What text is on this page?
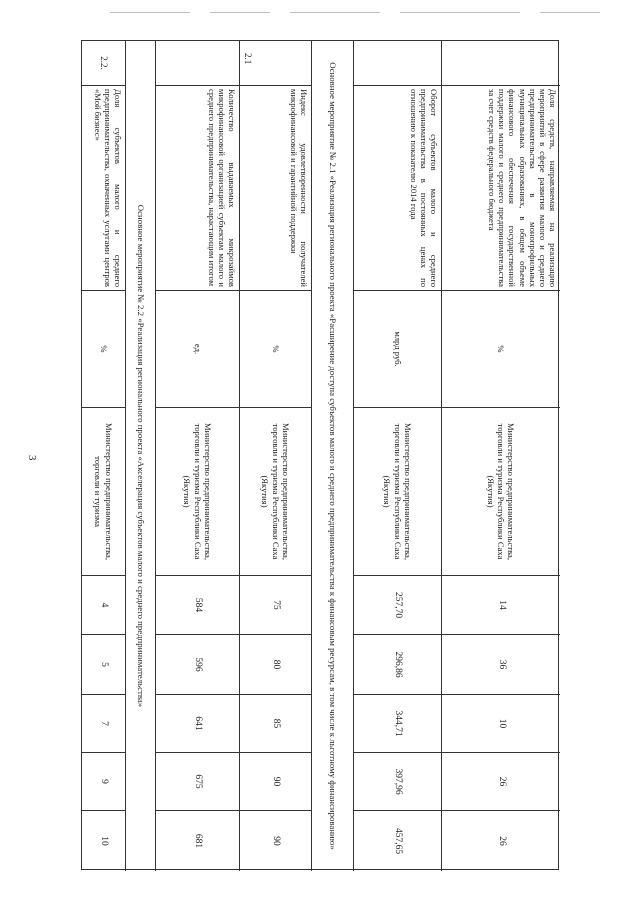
3
Доля средств, направляемая на реализацию мероприятий в сфере развития малого и среднего предпринимательства в монопрофильных муниципальных образованиях, в общем объеме финансового обеспечения государственной поддержки малого и среднего предпринимательства за счет средств федерального бюджета
%
Министерство предпринимательства, торговли и туризма Республики Саха (Якутия)
14
36
10
26
26
Оборот субъектов малого и среднего предпринимательства в постоянных ценах по отношению к показателю 2014 года
млрд руб.
Министерство предпринимательства, торговли и туризма Республики Саха (Якутия)
257,70
296,86
344,71
397,96
457,65
Основное мероприятие № 2.1 «Реализация регионального проекта «Расширение доступа субъектов малого и среднего предпринимательства к финансовым ресурсам, в том числе к льготному финансированию»
Индекс удовлетворенности получателей микрофинансовой и гарантийной поддержки
%
Министерство предпринимательства, торговли и туризма Республики Саха (Якутия)
75
80
85
90
90
Количество выдаваемых микрозаймов микрофинансовой организацией субъектам малого и среднего предпринимательства, нарастающим итогом
ед.
Министерство предпринимательства, торговли и туризма Республики Саха (Якутия)
584
596
641
675
681
2.1
Основное мероприятие № 2.2 «Реализация регионального проекта «Акселерация субъектов малого и среднего предпринимательства»
2.2.
Доля субъектов малого и среднего предпринимательства, охваченных услугами центров «Мой бизнес»
%
Министерство предпринимательства, торговли и туризма
4
5
7
9
10
